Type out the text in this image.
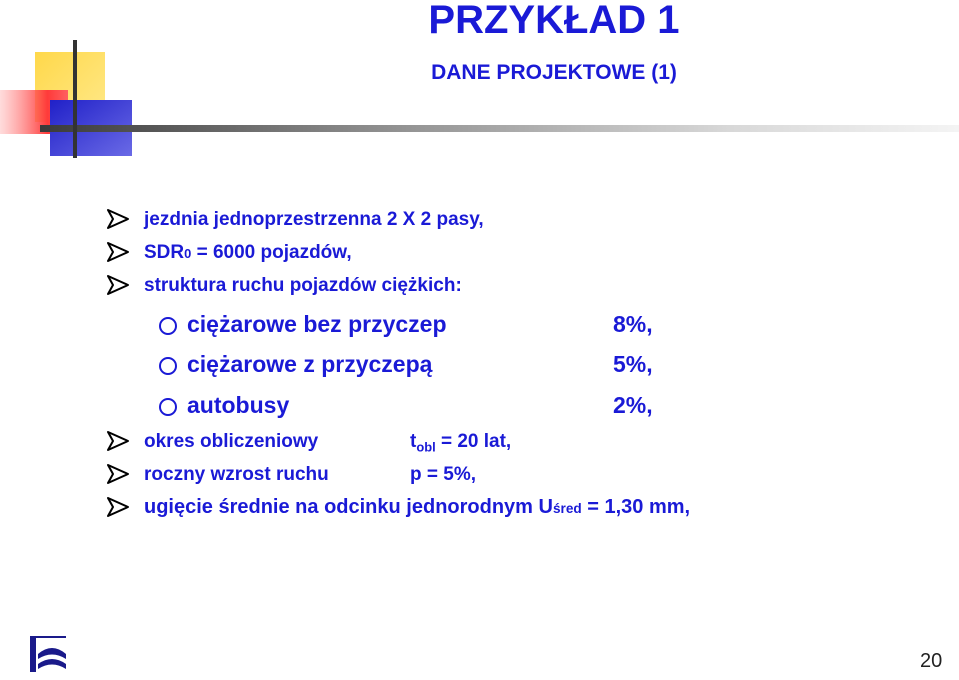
PRZYKŁAD 1
DANE PROJEKTOWE (1)
jezdnia jednoprzestrzenna 2 X 2 pasy,
SDR 0 = 6000 pojazdów,
struktura ruchu pojazdów ciężkich:
ciężarowe bez przyczep	8%,
ciężarowe z przyczepą	5%,
autobusy	2%,
okres obliczeniowy	$t_{obl} = 20$ lat,
roczny wzrost ruchu	p = 5%,
ugięcie średnie na odcinku jednorodnym U śred = 1,30 mm,
20
